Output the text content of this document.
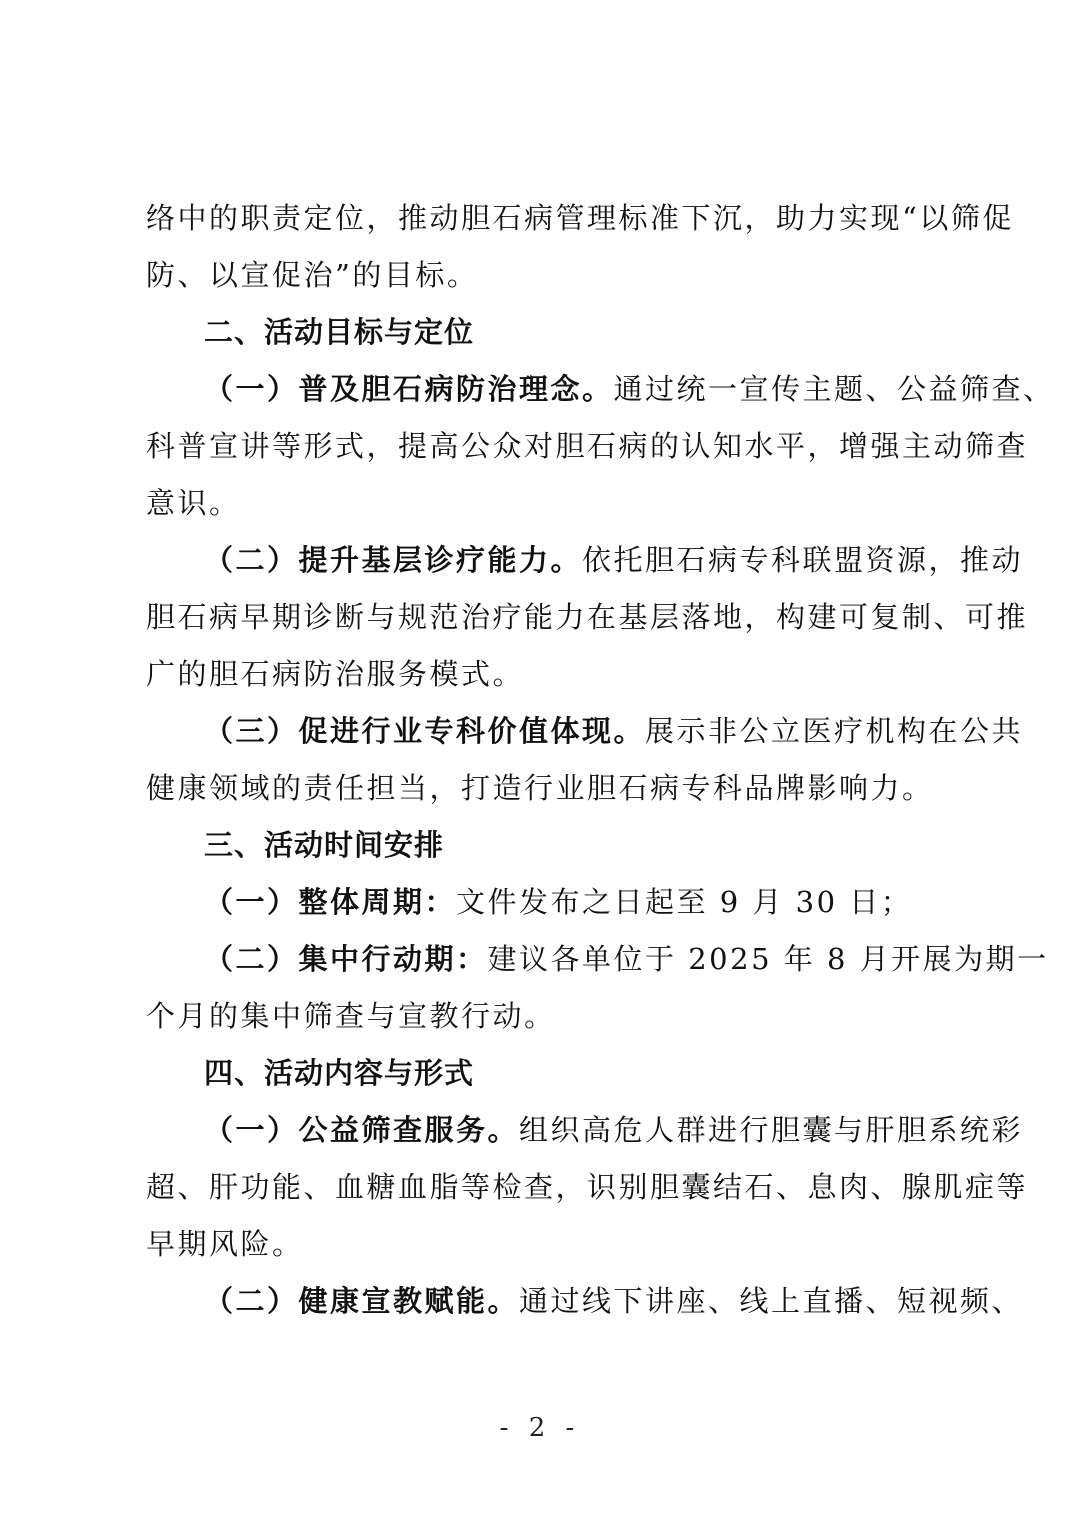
络中的职责定位，推动胆石病管理标准下沉，助力实现“以筛促
防、以宣促治”的目标。
二、活动目标与定位
（一）普及胆石病防治理念。通过统一宣传主题、公益筛查、
科普宣讲等形式，提高公众对胆石病的认知水平，增强主动筛查
意识。
（二）提升基层诊疗能力。依托胆石病专科联盟资源，推动
胆石病早期诊断与规范治疗能力在基层落地，构建可复制、可推
广的胆石病防治服务模式。
（三）促进行业专科价值体现。展示非公立医疗机构在公共
健康领域的责任担当，打造行业胆石病专科品牌影响力。
三、活动时间安排
（一）整体周期：文件发布之日起至 9 月 30 日；
（二）集中行动期：建议各单位于 2025 年 8 月开展为期一
个月的集中筛查与宣教行动。
四、活动内容与形式
（一）公益筛查服务。组织高危人群进行胆囊与肝胆系统彩
超、肝功能、血糖血脂等检查，识别胆囊结石、息肉、腺肌症等
早期风险。
（二）健康宣教赋能。通过线下讲座、线上直播、短视频、
- 2 -
